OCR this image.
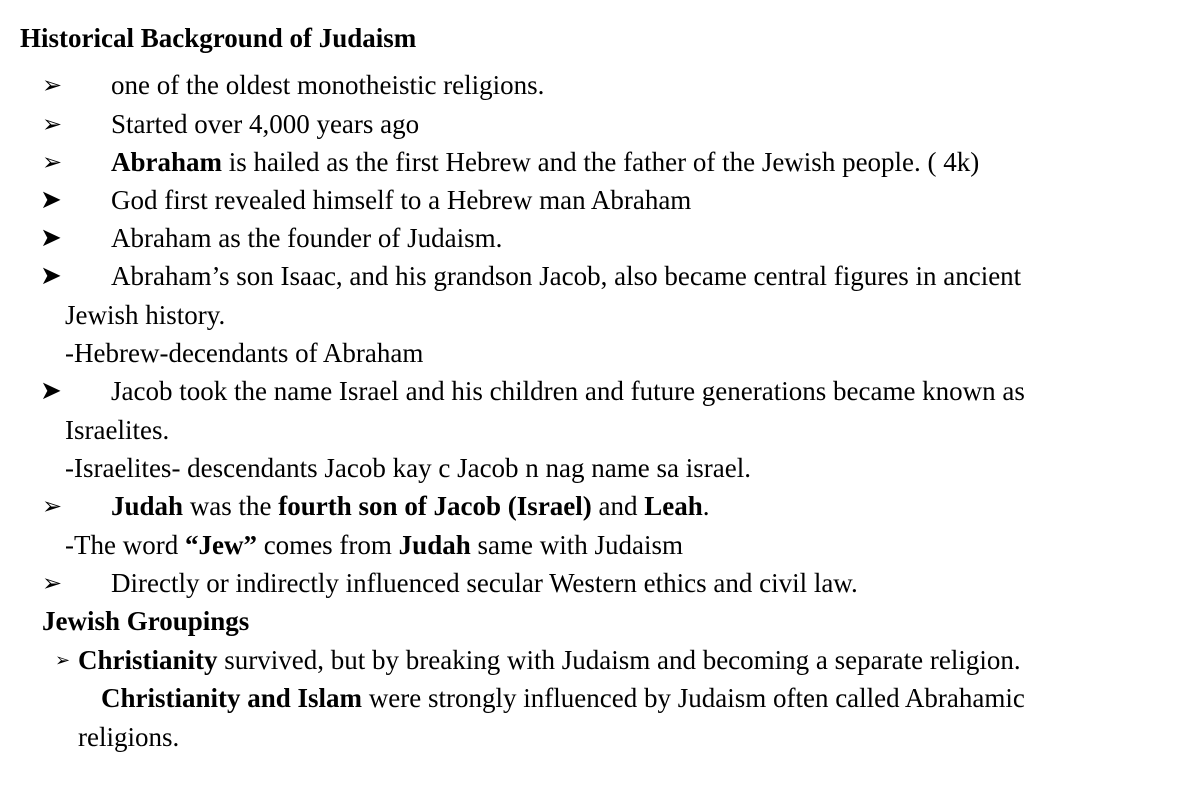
Historical Background of Judaism
➢ one of the oldest monotheistic religions.
➢ Started over 4,000 years ago
➢ Abraham is hailed as the first Hebrew and the father of the Jewish people. ( 4k)
➤ God first revealed himself to a Hebrew man Abraham
➤ Abraham as the founder of Judaism.
➤ Abraham’s son Isaac, and his grandson Jacob, also became central figures in ancient
Jewish history.
-Hebrew-decendants of Abraham
➤ Jacob took the name Israel and his children and future generations became known as
Israelites.
-Israelites- descendants Jacob kay c Jacob n nag name sa israel.
➢ Judah was the fourth son of Jacob (Israel) and Leah.
-The word “Jew” comes from Judah same with Judaism
➢ Directly or indirectly influenced secular Western ethics and civil law.
Jewish Groupings
➢ Christianity survived, but by breaking with Judaism and becoming a separate religion.
Christianity and Islam were strongly influenced by Judaism often called Abrahamic
religions.
